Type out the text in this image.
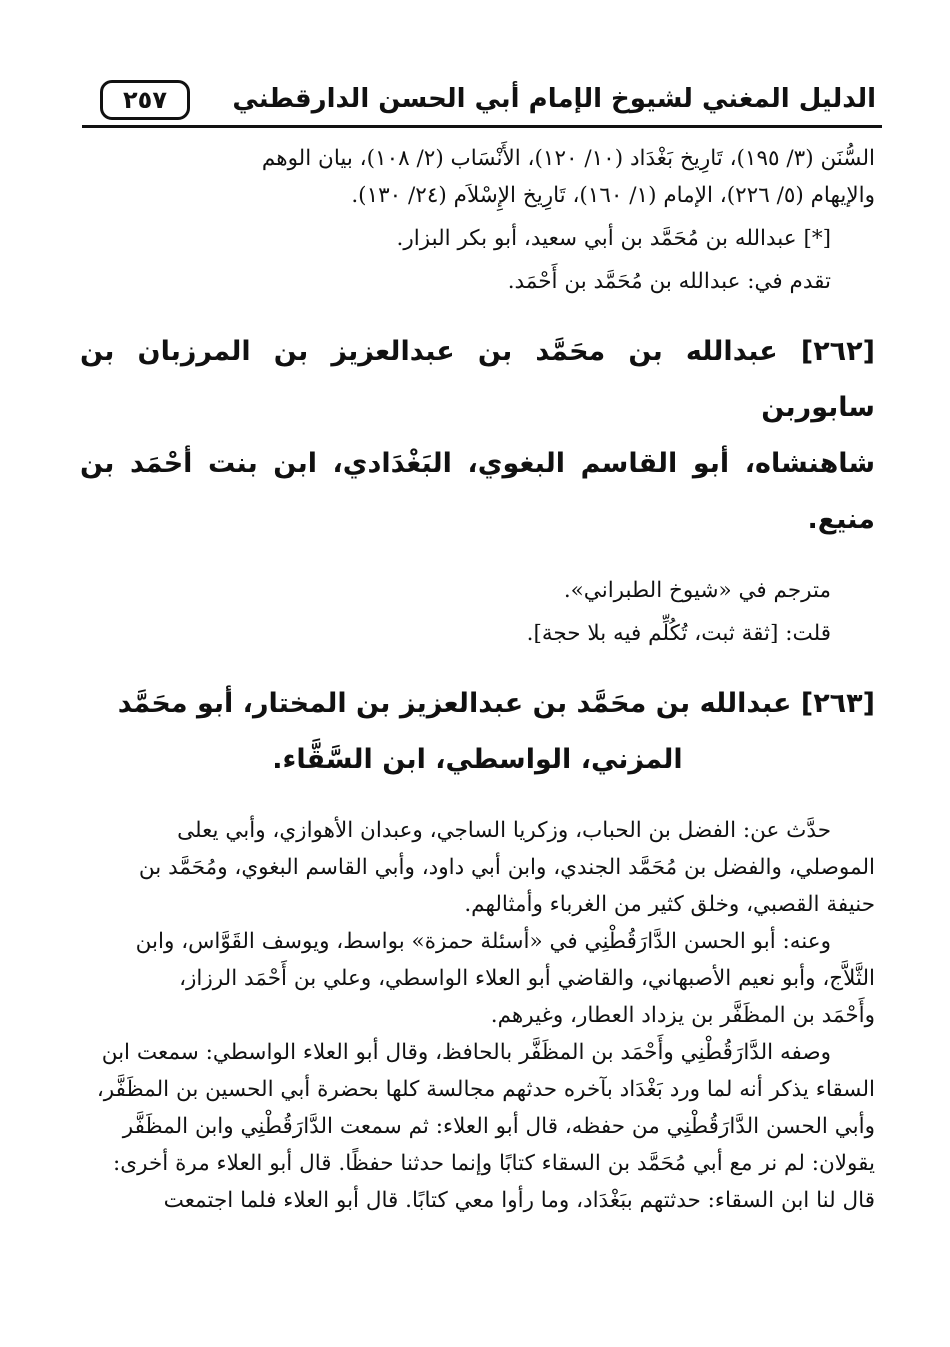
الدليل المغني لشيوخ الإمام أبي الحسن الدارقطني
٢٥٧

السُّنَن (٣/ ١٩٥)، تَارِيخ بَغْدَاد (١٠/ ١٢٠)، الأَنْسَاب (٢/ ١٠٨)، بيان الوهم

والإيهام (٥/ ٢٢٦)، الإمام (١/ ١٦٠)، تَارِيخ الإِسْلاَم (٢٤/ ١٣٠).

[*] عبدالله بن مُحَمَّد بن أبي سعيد، أبو بكر البزار.

تقدم في: عبدالله بن مُحَمَّد بن أَحْمَد.

[٢٦٢] عبدالله بن محَمَّد بن عبدالعزيز بن المرزبان بن سابوربن
شاهنشاه، أبو القاسم البغوي، البَغْدَادي، ابن بنت أحْمَد بن منيع.

مترجم في «شيوخ الطبراني».

قلت: [ثقة ثبت، تُكُلِّم فيه بلا حجة].

[٢٦٣] عبدالله بن محَمَّد بن عبدالعزيز بن المختار، أبو محَمَّد
المزني، الواسطي، ابن السَّقَّاء.

حدَّث عن: الفضل بن الحباب، وزكريا الساجي، وعبدان الأهوازي، وأبي يعلى

الموصلي، والفضل بن مُحَمَّد الجندي، وابن أبي داود، وأبي القاسم البغوي، ومُحَمَّد بن

حنيفة القصبي، وخلق كثير من الغرباء وأمثالهم.

وعنه: أبو الحسن الدَّارَقُطْنِي في «أسئلة حمزة» بواسط، ويوسف القَوَّاس، وابن

الثَّلاَّج، وأبو نعيم الأصبهاني، والقاضي أبو العلاء الواسطي، وعلي بن أَحْمَد الرزاز،

وأَحْمَد بن المظَفَّر بن يزداد العطار، وغيرهم.

وصفه الدَّارَقُطْنِي وأَحْمَد بن المظَفَّر بالحافظ، وقال أبو العلاء الواسطي: سمعت ابن

السقاء يذكر أنه لما ورد بَغْدَاد بآخره حدثهم مجالسة كلها بحضرة أبي الحسين بن المظَفَّر،

وأبي الحسن الدَّارَقُطْنِي من حفظه، قال أبو العلاء: ثم سمعت الدَّارَقُطْنِي وابن المظَفَّر

يقولان: لم نر مع أبي مُحَمَّد بن السقاء كتابًا وإنما حدثنا حفظًا. قال أبو العلاء مرة أخرى:

قال لنا ابن السقاء: حدثتهم ببَغْدَاد، وما رأوا معي كتابًا. قال أبو العلاء فلما اجتمعت
